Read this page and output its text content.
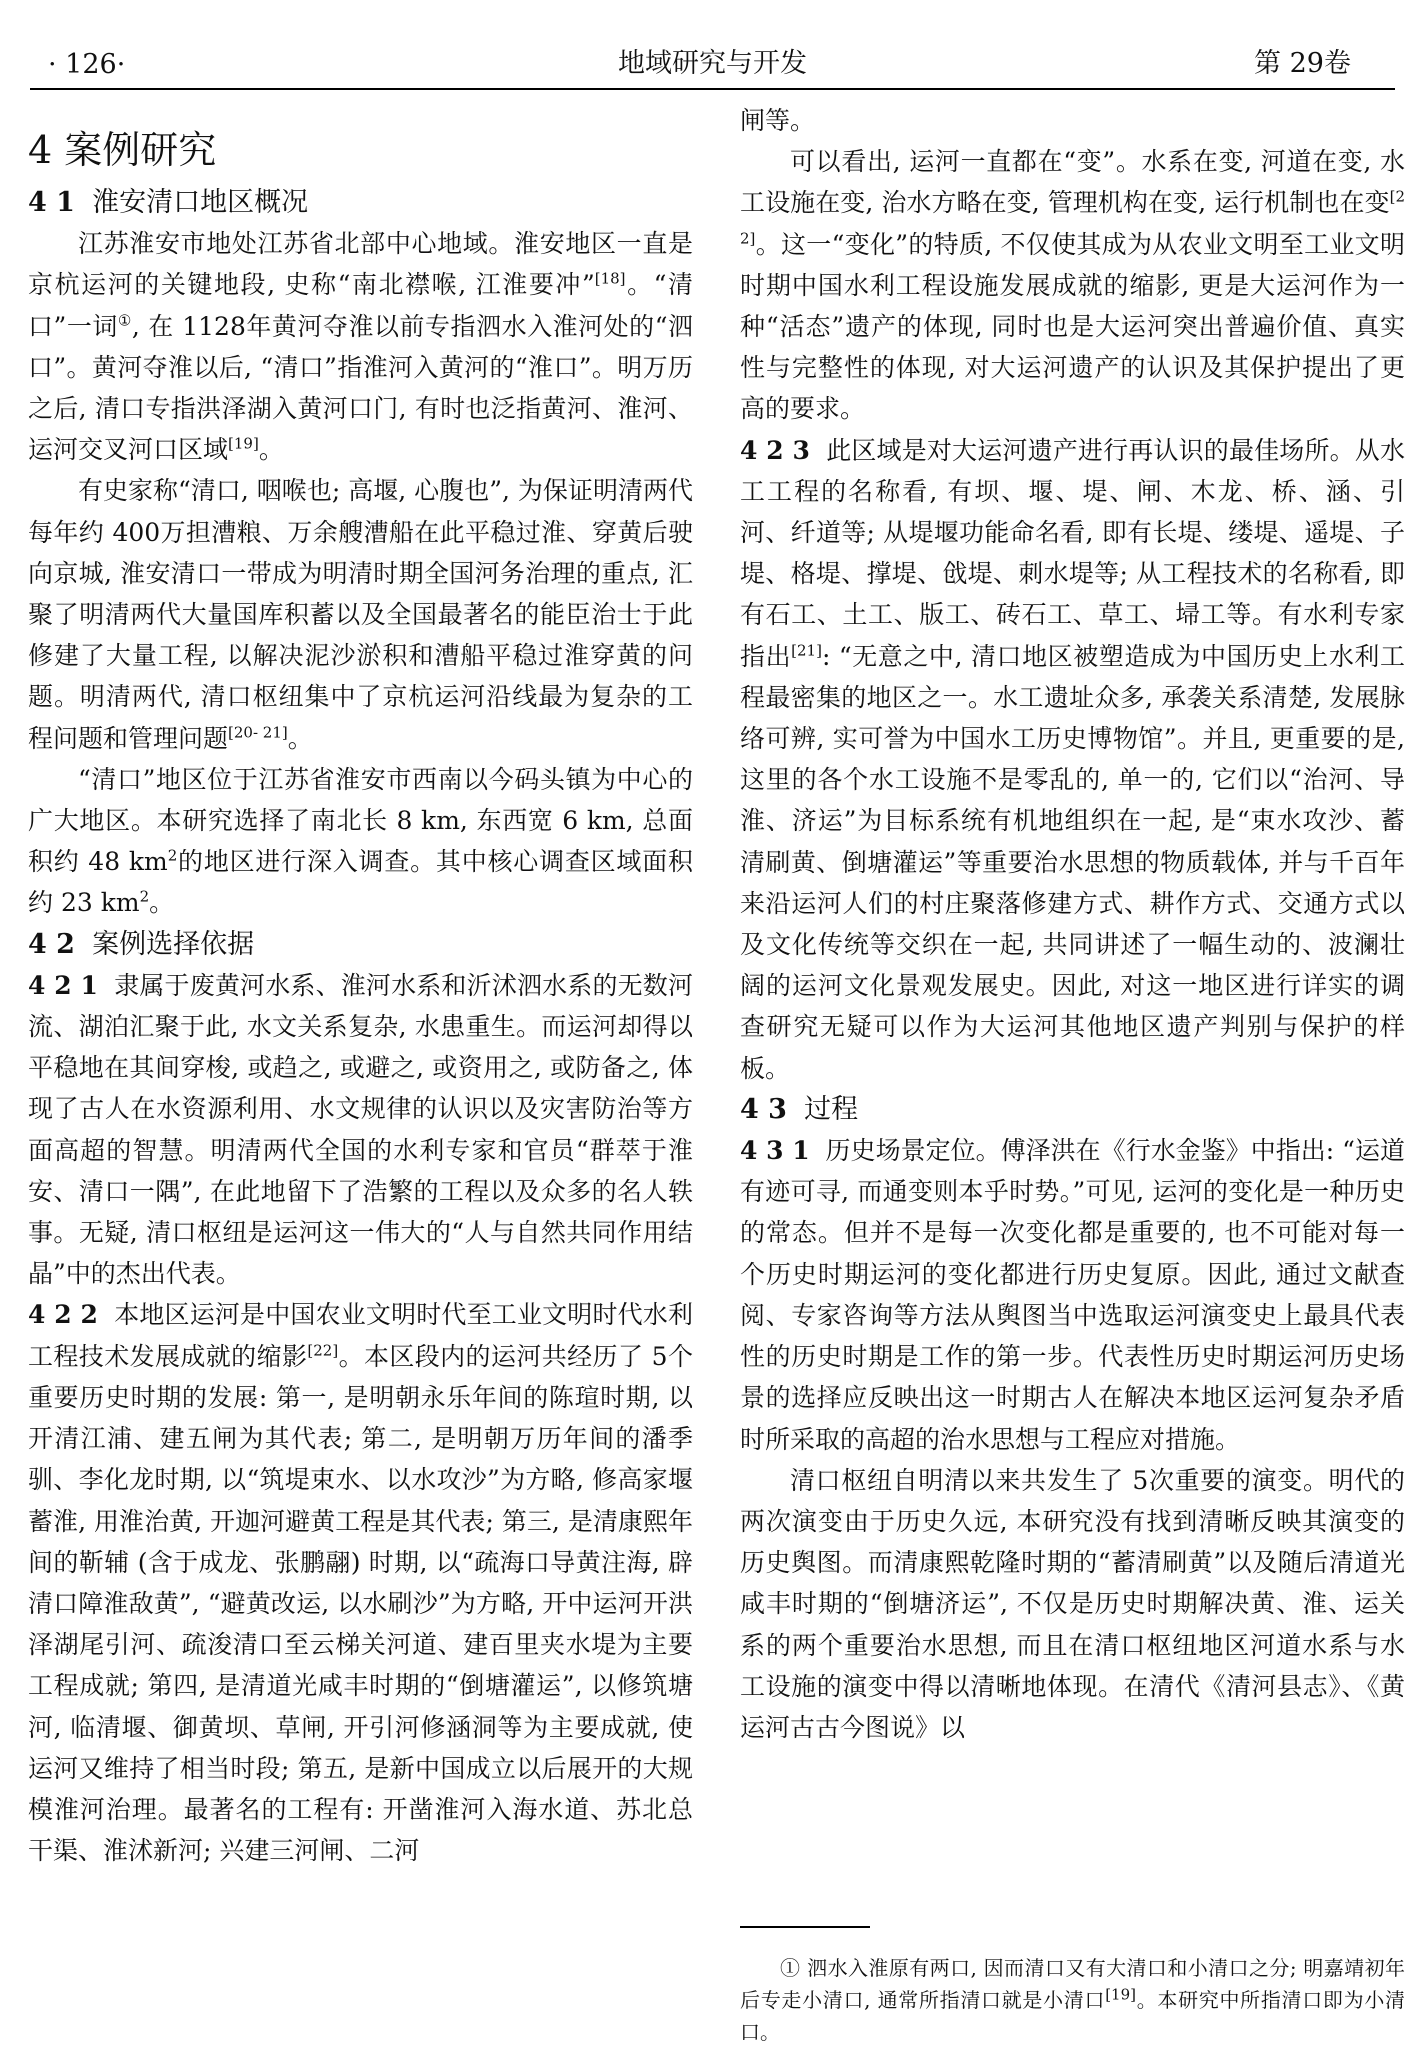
· 126·	地域研究与开发	第 29卷
4 案例研究
4 1 淮安清口地区概况

江苏淮安市地处江苏省北部中心地域。淮安地区一直是京杭运河的关键地段, 史称“南北襟喉, 江淮要冲”[18]。“清口”一词①, 在 1128年黄河夺淮以前专指泗水入淮河处的“泗口”。黄河夺淮以后, “清口”指淮河入黄河的“淮口”。明万历之后, 清口专指洪泽湖入黄河口门, 有时也泛指黄河、淮河、运河交叉河口区域[19]。

有史家称“清口, 咽喉也; 高堰, 心腹也”, 为保证明清两代每年约 400万担漕粮、万余艘漕船在此平稳过淮、穿黄后驶向京城, 淮安清口一带成为明清时期全国河务治理的重点, 汇聚了明清两代大量国库积蓄以及全国最著名的能臣治士于此修建了大量工程, 以解决泥沙淤积和漕船平稳过淮穿黄的问题。明清两代, 清口枢纽集中了京杭运河沿线最为复杂的工程问题和管理问题[20- 21]。

“清口”地区位于江苏省淮安市西南以今码头镇为中心的广大地区。本研究选择了南北长 8 km, 东西宽 6 km, 总面积约 48 $km^2$的地区进行深入调查。其中核心调查区域面积约 23 $km^2$。

4 2 案例选择依据

4 2 1 隶属于废黄河水系、淮河水系和沂沭泗水系的无数河流、湖泊汇聚于此, 水文关系复杂, 水患重生。而运河却得以平稳地在其间穿梭, 或趋之, 或避之, 或资用之, 或防备之, 体现了古人在水资源利用、水文规律的认识以及灾害防治等方面高超的智慧。明清两代全国的水利专家和官员“群萃于淮安、清口一隅”, 在此地留下了浩繁的工程以及众多的名人轶事。无疑, 清口枢纽是运河这一伟大的“人与自然共同作用结晶”中的杰出代表。

4 2 2 本地区运河是中国农业文明时代至工业文明时代水利工程技术发展成就的缩影[22]。本区段内的运河共经历了 5个重要历史时期的发展: 第一, 是明朝永乐年间的陈瑄时期, 以开清江浦、建五闸为其代表; 第二, 是明朝万历年间的潘季驯、李化龙时期, 以“筑堤束水、以水攻沙”为方略, 修高家堰蓄淮, 用淮治黄, 开迦河避黄工程是其代表; 第三, 是清康熙年间的靳辅 (含于成龙、张鹏翮) 时期, 以“疏海口导黄注海, 辟清口障淮敌黄”, “避黄改运, 以水刷沙”为方略, 开中运河开洪泽湖尾引河、疏浚清口至云梯关河道、建百里夹水堤为主要工程成就; 第四, 是清道光咸丰时期的“倒塘灌运”, 以修筑塘河, 临清堰、御黄坝、草闸, 开引河修涵洞等为主要成就, 使运河又维持了相当时段; 第五, 是新中国成立以后展开的大规模淮河治理。最著名的工程有: 开凿淮河入海水道、苏北总干渠、淮沭新河; 兴建三河闸、二河

闸等。

可以看出, 运河一直都在“变”。水系在变, 河道在变, 水工设施在变, 治水方略在变, 管理机构在变, 运行机制也在变[22]。这一“变化”的特质, 不仅使其成为从农业文明至工业文明时期中国水利工程设施发展成就的缩影, 更是大运河作为一种“活态”遗产的体现, 同时也是大运河突出普遍价值、真实性与完整性的体现, 对大运河遗产的认识及其保护提出了更高的要求。

4 2 3 此区域是对大运河遗产进行再认识的最佳场所。从水工工程的名称看, 有坝、堰、堤、闸、木龙、桥、涵、引河、纤道等; 从堤堰功能命名看, 即有长堤、缕堤、遥堤、子堤、格堤、撑堤、戗堤、刺水堤等; 从工程技术的名称看, 即有石工、土工、版工、砖石工、草工、埽工等。有水利专家指出[21]: “无意之中, 清口地区被塑造成为中国历史上水利工程最密集的地区之一。水工遗址众多, 承袭关系清楚, 发展脉络可辨, 实可誉为中国水工历史博物馆”。并且, 更重要的是, 这里的各个水工设施不是零乱的, 单一的, 它们以“治河、导淮、济运”为目标系统有机地组织在一起, 是“束水攻沙、蓄清刷黄、倒塘灌运”等重要治水思想的物质载体, 并与千百年来沿运河人们的村庄聚落修建方式、耕作方式、交通方式以及文化传统等交织在一起, 共同讲述了一幅生动的、波澜壮阔的运河文化景观发展史。因此, 对这一地区进行详实的调查研究无疑可以作为大运河其他地区遗产判别与保护的样板。

4 3 过程

4 3 1 历史场景定位。傅泽洪在《行水金鉴》中指出: “运道有迹可寻, 而通变则本乎时势。”可见, 运河的变化是一种历史的常态。但并不是每一次变化都是重要的, 也不可能对每一个历史时期运河的变化都进行历史复原。因此, 通过文献查阅、专家咨询等方法从舆图当中选取运河演变史上最具代表性的历史时期是工作的第一步。代表性历史时期运河历史场景的选择应反映出这一时期古人在解决本地区运河复杂矛盾时所采取的高超的治水思想与工程应对措施。

清口枢纽自明清以来共发生了 5次重要的演变。明代的两次演变由于历史久远, 本研究没有找到清晰反映其演变的历史舆图。而清康熙乾隆时期的“蓄清刷黄”以及随后清道光咸丰时期的“倒塘济运”, 不仅是历史时期解决黄、淮、运关系的两个重要治水思想, 而且在清口枢纽地区河道水系与水工设施的演变中得以清晰地体现。在清代《清河县志》、《黄运河古古今图说》以

① 泗水入淮原有两口, 因而清口又有大清口和小清口之分; 明嘉靖初年后专走小清口, 通常所指清口就是小清口[19]。本研究中所指清口即为小清口。
